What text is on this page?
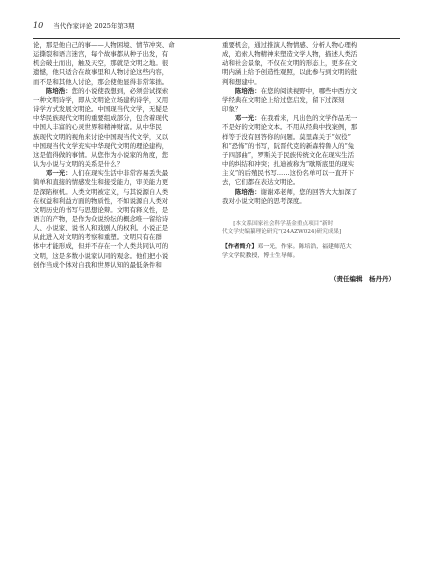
10 当代作家评论 2025年第3期

论，那是他自己的事——人物困境、情节冲突、命
运撕裂和语言迷宫，每个故事都从种子出发，有
机会破土而出，触及天空，那就是文明之地。很
遗憾，他只适合在故事里和人物讨论这些内容，
而不是和其他人讨论，那会使他显得非常笨拙。

陈培浩：您的小说使我想到，必须尝试探索
一种文明诗学，即从文明论立场建构诗学，又用
诗学方式发展文明论。中国现当代文学，无疑是
中华民族现代文明的重要组成部分，包含着现代
中国人丰富的心灵世界和精神财富。从中华民
族现代文明的视角来讨论中国现当代文学，又以
中国现当代文学充实中华现代文明的理论建构，
这是值得做的事情。从您作为小说家的角度，您
认为小说与文明的关系是什么？

邓一光：人们在现实生活中非常容易丢失最
简单和直接的情感发生和接受能力，审美能力更
是深陷枢机。人类文明被定义，与其说源自人类
在权益和利益方面的物质性，不如说源自人类对
文明历史的书写与思想论辩。文明有释义性，是
语言的产物，是作为众说纷纭的概念唯一留给诗
人、小说家、说书人和戏剧人的权利。小说正是
从此进入对文明的考察和重塑。文明只有在群
体中才能形成，但并不存在一个人类共同认可的
文明，这是多数小说家认同的观念。他们把小说
创作当成个体对自我和世界认知的最低条件和

重要机会，通过推演人物情感、分析人物心理构
成，追索人物精神来塑造文学人物，描述人类活
动和社会景象，不仅在文明的形态上，更多在文
明内涵上给予创造性观照，以此参与到文明的批
判和想建中。

陈培浩：在您的阅读视野中，哪些中西方文
学经典在文明论上给过您启发，留下过深刻
印象？

邓一光：在我看来，凡出色的文学作品无一
不是好的文明论文本。不用从经典中找案例，那
样等于没有回答你的问题。莫里森关于“奴役”
和“恐怖”的书写，阮晋代克的新森特鲁人的“兔
子四部曲”，罗斯关于民族传统文化在现实生活
中的纠结和冲突；扎迪被称为“歇斯底里的现实
主义”的后殖民书写……这份名单可以一直开下
去，它们都在表达文明论。

陈培浩：谢谢邓老师，您的回答大大加深了
我对小说文明论的思考深度。

[本文系国家社会科学基金重点项目“新时
代文学史编纂理论研究”(24AZW024)研究成果]
【作者简介】邓一光，作家。陈培浩，福建师范大
学文学院教授，博士生导师。
（责任编辑　杨丹丹）
